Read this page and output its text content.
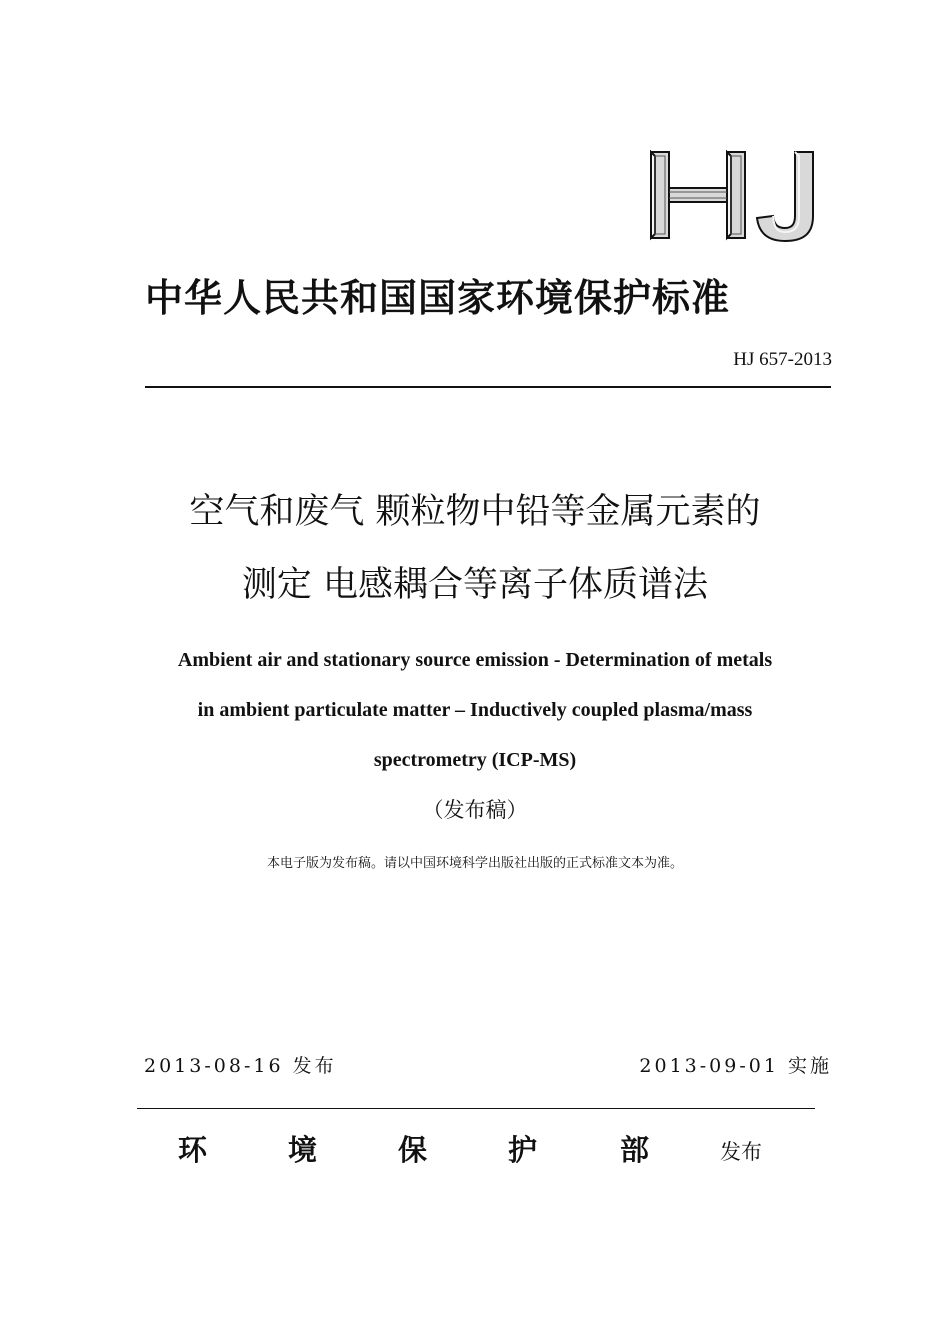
中华人民共和国国家环境保护标准
HJ 657-2013
空气和废气 颗粒物中铅等金属元素的
测定 电感耦合等离子体质谱法
Ambient air and stationary source emission - Determination of metals
in ambient particulate matter – Inductively coupled plasma/mass
spectrometry (ICP-MS)
（发布稿）
本电子版为发布稿。请以中国环境科学出版社出版的正式标准文本为准。
2013-08-16 发布	2013-09-01 实施
环	境	保	护	部	发布
